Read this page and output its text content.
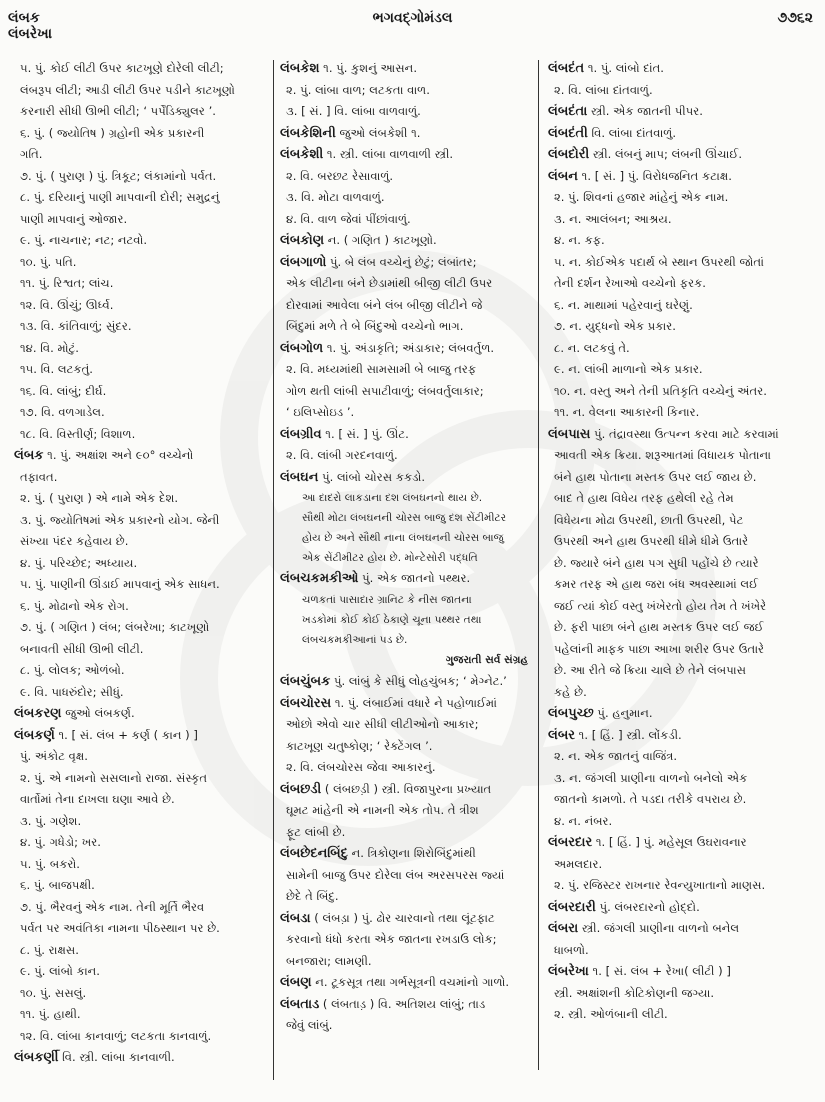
લંબક	ભગવદ્ગોમંડલ	૭૭૬૨
લંબરેખા
૫. પું. કોઈ લીટી ઉપર કાટખૂણે દોરેલી લીટી;
લંબરૂપ લીટી; આડી લીટી ઉપર પડીને કાટખૂણો
કરનારી સીધી ઊભી લીટી; ‘ પર્પેંડિક્યુલર ’.
૬. પું. ( જ્યોતિષ ) ગ્રહોની એક પ્રકારની
ગતિ.
૭. પું. ( પુરાણ ) પું. ત્રિકૂટ; લંકામાંનો પર્વત.
૮. પું. દરિયાનું પાણી માપવાની દોરી; સમુદ્રનું
પાણી માપવાનું ઓજાર.
૯. પું. નાચનાર; નટ; નટવો.
૧૦. પું. પતિ.
૧૧. પું. રિશ્વત; લાંચ.
૧૨. વિ. ઊંચું; ઊર્ધ્વ.
૧૩. વિ. કાંતિવાળું; સુંદર.
૧૪. વિ. મોટું.
૧૫. વિ. લટકતું.
૧૬. વિ. લાંબું; દીર્ઘ.
૧૭. વિ. વળગાડેલ.
૧૮. વિ. વિસ્તીર્ણ; વિશાળ.
લંબક ૧. પું. અક્ષાંશ અને ૯૦° વચ્ચેનો
તફાવત.
૨. પું. ( પુરાણ ) એ નામે એક દેશ.
૩. પું. જ્યોતિષમાં એક પ્રકારનો યોગ. જેની
સંખ્યા પંદર કહેવાય છે.
૪. પું. પરિચ્છેદ; અધ્યાય.
૫. પું. પાણીની ઊંડાઈ માપવાનું એક સાધન.
૬. પું. મોઢાનો એક રોગ.
૭. પું. ( ગણિત ) લંબ; લંબરેખા; કાટખૂણો
બનાવતી સીધી ઊભી લીટી.
૮. પું. લોલક; ઓળંબો.
૯. વિ. પાધરુંદોર; સીધું.
લંબકરણ જુઓ લંબકર્ણ.
લંબકર્ણ ૧. [ સં. લંબ + કર્ણ ( કાન ) ]
પું. અંકોટ વૃક્ષ.
૨. પું. એ નામનો સસલાનો રાજા. સંસ્કૃત
વાર્તોમાં તેના દાખલા ઘણા આવે છે.
૩. પું. ગણેશ.
૪. પું. ગધેડો; ખર.
૫. પું. બકરો.
૬. પું. બાજપક્ષી.
૭. પું. ભૈરવનું એક નામ. તેની મૂર્તિ ભૈરવ
પર્વત પર અવંતિકા નામના પીઠસ્થાન પર છે.
૮. પું. રાક્ષસ.
૯. પું. લાંબો કાન.
૧૦. પું. સસલું.
૧૧. પું. હાથી.
૧૨. વિ. લાંબા કાનવાળું; લટકતા કાનવાળું.
લંબકર્ણી વિ. સ્ત્રી. લાંબા કાનવાળી.
લંબકેશ ૧. પું. કુશનું આસન.
૨. પું. લાંબા વાળ; લટકતા વાળ.
૩. [ સં. ] વિ. લાંબા વાળવાળું.
લંબકેશિની જુઓ લંબકેશી ૧.
લંબકેશી ૧. સ્ત્રી. લાંબા વાળવાળી સ્ત્રી.
૨. વિ. બરછટ રેસાવાળું.
૩. વિ. મોટા વાળવાળું.
૪. વિ. વાળ જેવાં પીંછાંવાળું.
લંબકોણ ન. ( ગણિત ) કાટખૂણો.
લંબગાળો પું. બે લંબ વચ્ચેનું છેટું; લંબાંતર;
એક લીટીના બંને છેડામાંથી બીજી લીટી ઉપર
દોરવામાં આવેલા બંને લંબ બીજી લીટીને જે
બિંદુમાં મળે તે બે બિંદુઓ વચ્ચેનો ભાગ.
લંબગોળ ૧. પું. અંડાકૃતિ; અંડાકાર; લંબવર્તુળ.
૨. વિ. મધ્યમાંથી સામસામી બે બાજુ તરફ
ગોળ થતી લાંબી સપાટીવાળું; લંબવર્તુલાકાર;
‘ ઇલિપ્સોઇડ ’.
લંબગ્રીવ ૧. [ સં. ] પું. ઊંટ.
૨. વિ. લાંબી ગરદનવાળું.
લંબઘન પું. લાંબો ચોરસ કકડો.
આ દાદરો લાકડાના દશ લંબઘનનો થાય છે.
સૌથી મોટા લંબઘનની ચોરસ બાજુ દશ સેંટીમીટર
હોય છે અને સૌથી નાના લંબઘનની ચોરસ બાજુ
એક સેંટીમીટર હોય છે. મોન્ટેસોરી પદ્ધતિ
લંબચકમકીઓ પું. એક જાતનો પથ્થર.
ચળકતાં પાસાદાર ગ્રાનિટ કે નીસ જાતના
ખડકોમાં કોઈ કોઈ ઠેકાણે ચૂના પથ્થર તથા
લંબચકમકીઆનાં પડ છે.
ગુજરાતી સર્વ સંગ્રહ
લંબચુંબક પું. લાંબું કે સીધું લોહચુંબક; ‘ મેગ્નેટ.’
લંબચોરસ ૧. પું. લંબાઈમાં વધારે ને પહોળાઈમાં
ઓછો એવો ચાર સીધી લીટીઓનો આકાર;
કાટખૂણ ચતુષ્કોણ; ‘ રેક્ટેંગલ ’.
૨. વિ. લંબચોરસ જેવા આકારનું.
લંબછડી ( લંબછડ઼ી ) સ્ત્રી. વિજાપુરના પ્રખ્યાત
ઘૂમટ માંહેની એ નામની એક તોપ. તે ત્રીશ
ફૂટ લાંબી છે.
લંબછેદનબિંદુ ન. ત્રિકોણના શિરોબિંદુમાંથી
સામેની બાજુ ઉપર દોરેલા લંબ અરસપરસ જ્યાં
છેદે તે બિંદુ.
લંબડા ( લંબડ઼ા ) પું. ઢોર ચારવાનો તથા લૂંટફાટ
કરવાનો ધંધો કરતા એક જાતના રખડાઉ લોક;
બનજારા; લામણી.
લંબણ ન. ટૂકસૂત્ર તથા ગર્ભસૂત્રની વચમાંનો ગાળો.
લંબતાડ ( લંબતાડ઼ ) વિ. અતિશય લાંબું; તાડ
જેવું લાંબું.
લંબદંત ૧. પું. લાંબો દાંત.
૨. વિ. લાંબા દાંતવાળું.
લંબદંતા સ્ત્રી. એક જાતની પીપર.
લંબદંતી વિ. લાંબા દાંતવાળું.
લંબદોરી સ્ત્રી. લંબનું માપ; લંબની ઊંચાઈ.
લંબન ૧. [ સં. ] પું. વિરોધજનિત કટાક્ષ.
૨. પું. શિવનાં હજાર માંહેનું એક નામ.
૩. ન. આલંબન; આશ્રય.
૪. ન. કફ.
૫. ન. કોઈએક પદાર્થ બે સ્થાન ઉપરથી જોતાં
તેની દર્શન રેખાઓ વચ્ચેનો ફરક.
૬. ન. માથામાં પહેરવાનું ઘરેણું.
૭. ન. યુદ્ધનો એક પ્રકાર.
૮. ન. લટકવું તે.
૯. ન. લાંબી માળાનો એક પ્રકાર.
૧૦. ન. વસ્તુ અને તેની પ્રતિકૃતિ વચ્ચેનું અંતર.
૧૧. ન. વેલના આકારની કિનાર.
લંબપાસ પું. તંદ્રાવસ્થા ઉત્પન્ન કરવા માટે કરવામાં
આવતી એક ક્રિયા. શરૂઆતમાં વિધાયક પોતાના
બંને હાથ પોતાના મસ્તક ઉપર લઈ જાય છે.
બાદ તે હાથ વિધેય તરફ હથેલી રહે તેમ
વિધેયના મોઢા ઉપરથી, છાતી ઉપરથી, પેટ
ઉપરથી અને હાથ ઉપરથી ધીમે ધીમે ઉતારે
છે. જ્યારે બંને હાથ પગ સુધી પહોંચે છે ત્યારે
કમર તરફ એ હાથ જરા બંધ અવસ્થામાં લઈ
જઈ ત્યાં કોઈ વસ્તુ ખંખેરતો હોય તેમ તે ખંખેરે
છે. ફરી પાછા બંને હાથ મસ્તક ઉપર લઈ જઈ
પહેલાંની માફક પાછા આખા શરીર ઉપર ઉતારે
છે. આ રીતે જે ક્રિયા ચાલે છે તેને લંબપાસ
કહે છે.
લંબપુચ્છ પું. હનુમાન.
લંબર ૧. [ હિં. ] સ્ત્રી. લોંકડી.
૨. ન. એક જાતનું વાજિંત્ર.
૩. ન. જંગલી પ્રાણીના વાળનો બનેલો એક
જાતનો કામળો. તે પડદા તરીકે વપરાય છે.
૪. ન. નંબર.
લંબરદાર ૧. [ હિં. ] પું. મહેસૂલ ઉઘરાવનાર
અમલદાર.
૨. પું. રજિસ્ટર રાખનાર રેવન્યુખાતાનો માણસ.
લંબરદારી પું. લંબરદારનો હોદ્દો.
લંબરા સ્ત્રી. જંગલી પ્રાણીના વાળનો બનેલ
ધાબળો.
લંબરેખા ૧. [ સં. લંબ + રેખા( લીટી ) ]
સ્ત્રી. અક્ષાંશની કોટિકોણની જગ્યા.
૨. સ્ત્રી. ઓળંબાની લીટી.
